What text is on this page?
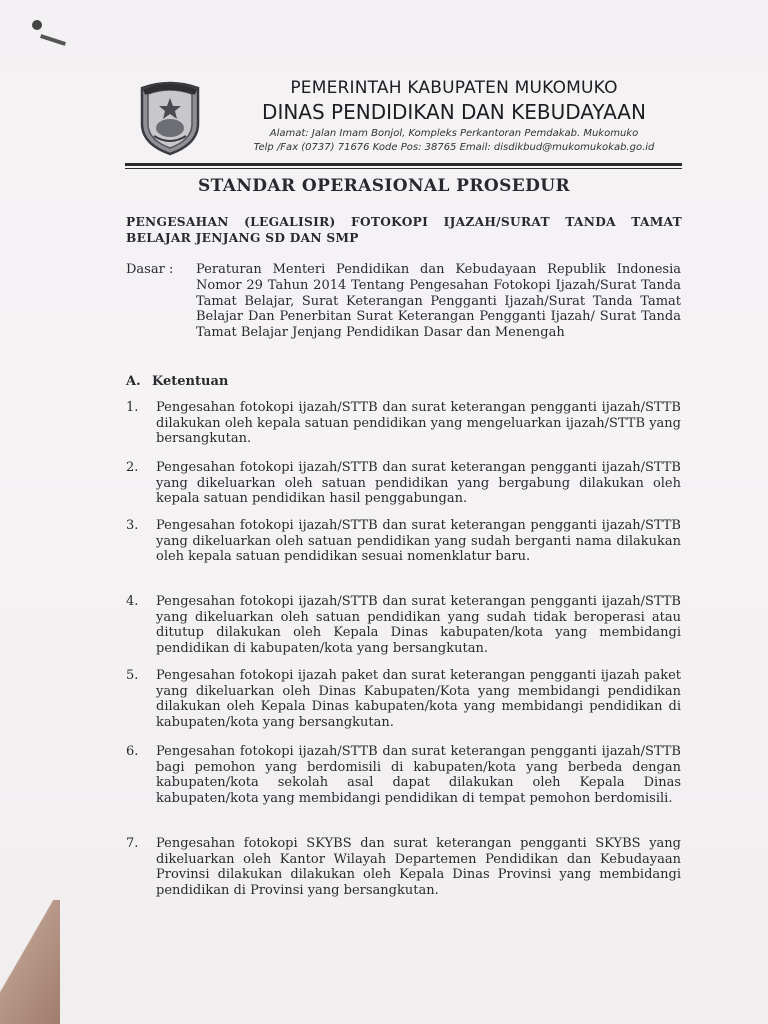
PEMERINTAH KABUPATEN MUKOMUKO
DINAS PENDIDIKAN DAN KEBUDAYAAN
Alamat: Jalan Imam Bonjol, Kompleks Perkantoran Pemdakab. Mukomuko
Telp /Fax (0737) 71676 Kode Pos: 38765 Email: disdikbud@mukomukokab.go.id
STANDAR OPERASIONAL PROSEDUR
PENGESAHAN (LEGALISIR) FOTOKOPI IJAZAH/SURAT TANDA TAMAT BELAJAR JENJANG SD DAN SMP
Dasar : Peraturan Menteri Pendidikan dan Kebudayaan Republik Indonesia Nomor 29 Tahun 2014 Tentang Pengesahan Fotokopi Ijazah/Surat Tanda Tamat Belajar, Surat Keterangan Pengganti Ijazah/Surat Tanda Tamat Belajar Dan Penerbitan Surat Keterangan Pengganti Ijazah/ Surat Tanda Tamat Belajar Jenjang Pendidikan Dasar dan Menengah
A. Ketentuan
1.	Pengesahan fotokopi ijazah/STTB dan surat keterangan pengganti ijazah/STTB dilakukan oleh kepala satuan pendidikan yang mengeluarkan ijazah/STTB yang bersangkutan.
2.	Pengesahan fotokopi ijazah/STTB dan surat keterangan pengganti ijazah/STTB yang dikeluarkan oleh satuan pendidikan yang bergabung dilakukan oleh kepala satuan pendidikan hasil penggabungan.
3.	Pengesahan fotokopi ijazah/STTB dan surat keterangan pengganti ijazah/STTB yang dikeluarkan oleh satuan pendidikan yang sudah berganti nama dilakukan oleh kepala satuan pendidikan sesuai nomenklatur baru.
4.	Pengesahan fotokopi ijazah/STTB dan surat keterangan pengganti ijazah/STTB yang dikeluarkan oleh satuan pendidikan yang sudah tidak beroperasi atau ditutup dilakukan oleh Kepala Dinas kabupaten/kota yang membidangi pendidikan di kabupaten/kota yang bersangkutan.
5.	Pengesahan fotokopi ijazah paket dan surat keterangan pengganti ijazah paket yang dikeluarkan oleh Dinas Kabupaten/Kota yang membidangi pendidikan dilakukan oleh Kepala Dinas kabupaten/kota yang membidangi pendidikan di kabupaten/kota yang bersangkutan.
6.	Pengesahan fotokopi ijazah/STTB dan surat keterangan pengganti ijazah/STTB bagi pemohon yang berdomisili di kabupaten/kota yang berbeda dengan kabupaten/kota sekolah asal dapat dilakukan oleh Kepala Dinas kabupaten/kota yang membidangi pendidikan di tempat pemohon berdomisili.
7.	Pengesahan fotokopi SKYBS dan surat keterangan pengganti SKYBS yang dikeluarkan oleh Kantor Wilayah Departemen Pendidikan dan Kebudayaan Provinsi dilakukan dilakukan oleh Kepala Dinas Provinsi yang membidangi pendidikan di Provinsi yang bersangkutan.
